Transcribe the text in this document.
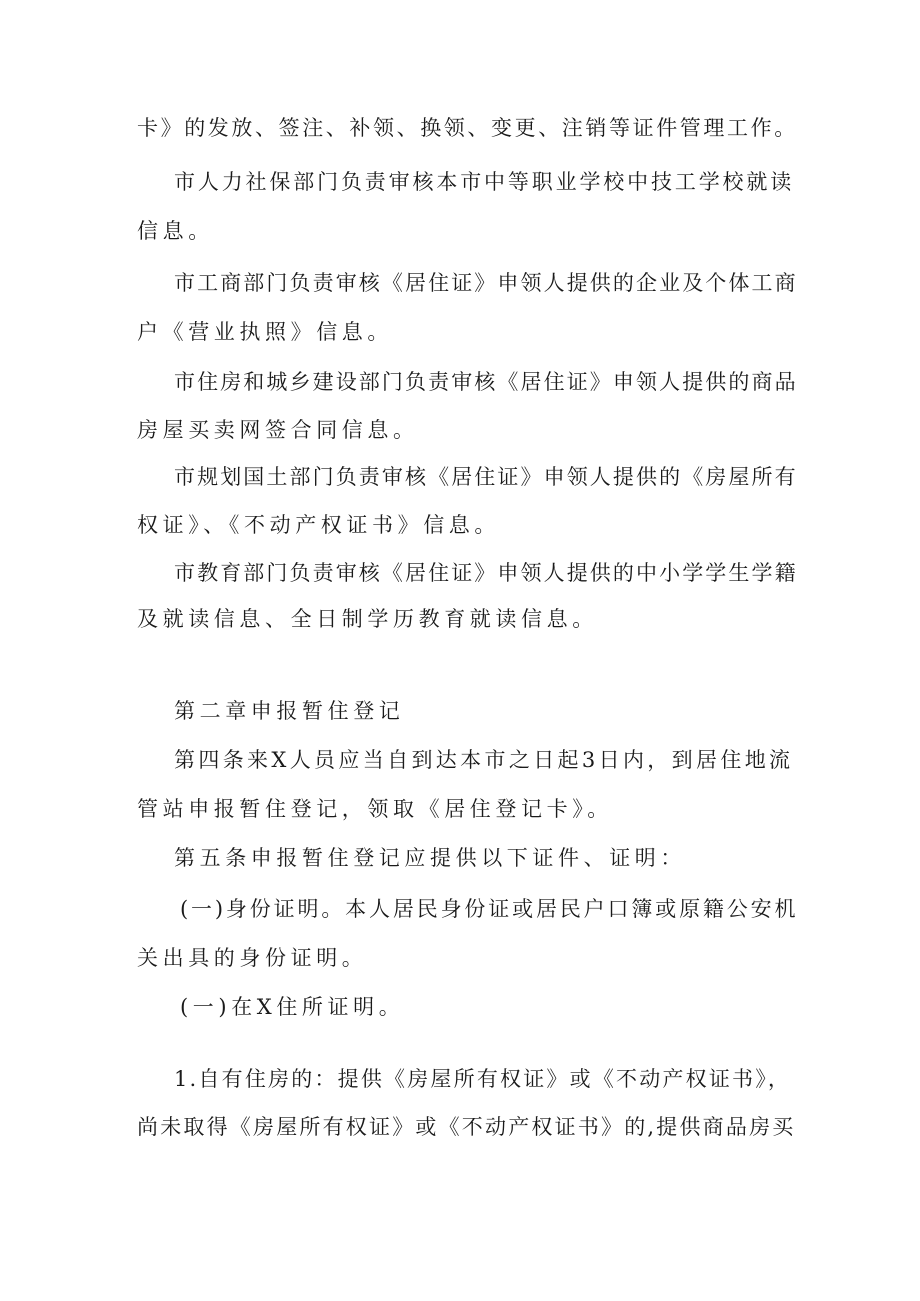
卡》的发放、签注、补领、换领、变更、注销等证件管理工作。
市人力社保部门负责审核本市中等职业学校中技工学校就读
信息。
市工商部门负责审核《居住证》申领人提供的企业及个体工商
户《营业执照》信息。
市住房和城乡建设部门负责审核《居住证》申领人提供的商品
房屋买卖网签合同信息。
市规划国土部门负责审核《居住证》申领人提供的《房屋所有
权证》、《不动产权证书》信息。
市教育部门负责审核《居住证》申领人提供的中小学学生学籍
及就读信息、全日制学历教育就读信息。
第二章申报暂住登记
第四条来X人员应当自到达本市之日起3日内，到居住地流
管站申报暂住登记，领取《居住登记卡》。
第五条申报暂住登记应提供以下证件、证明：
(一)身份证明。本人居民身份证或居民户口簿或原籍公安机
关出具的身份证明。
(一)在X住所证明。
1.自有住房的：提供《房屋所有权证》或《不动产权证书》，
尚未取得《房屋所有权证》或《不动产权证书》的,提供商品房买
